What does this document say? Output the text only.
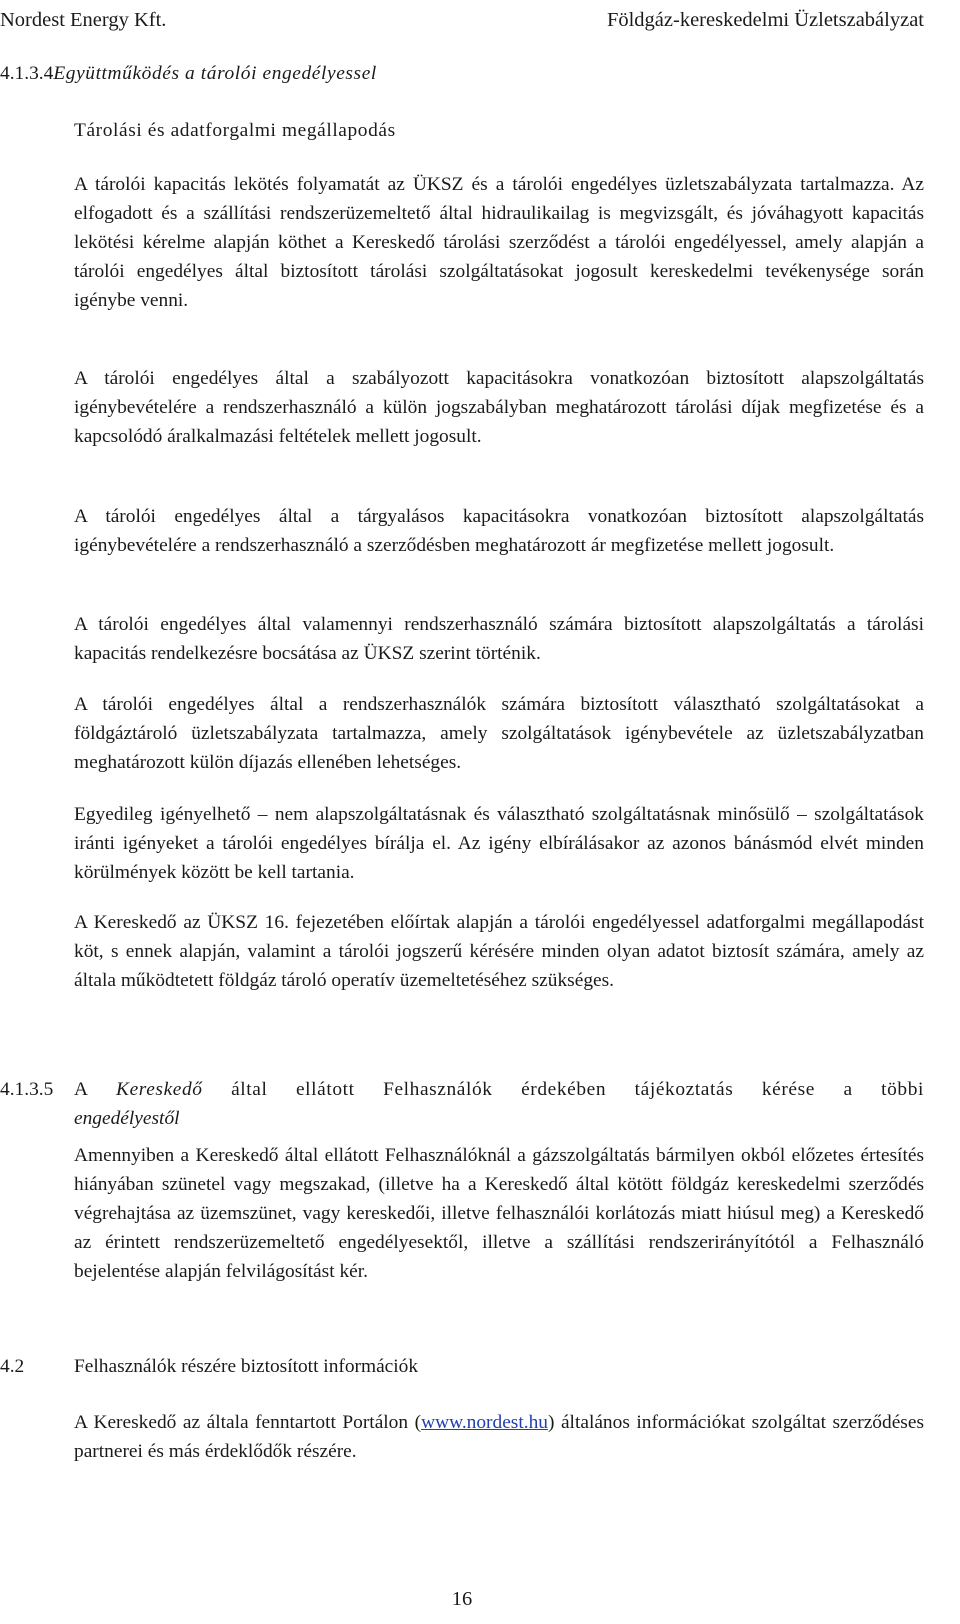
Nordest Energy Kft.	Földgáz-kereskedelmi Üzletszabályzat
4.1.3.4Együttműködés a tárolói engedélyessel
Tárolási és adatforgalmi megállapodás

A tárolói kapacitás lekötés folyamatát az ÜKSZ és a tárolói engedélyes üzletszabályzata tartalmazza. Az elfogadott és a szállítási rendszerüzemeltető által hidraulikailag is megvizsgált, és jóváhagyott kapacitás lekötési kérelme alapján köthet a Kereskedő tárolási szerződést a tárolói engedélyessel, amely alapján a tárolói engedélyes által biztosított tárolási szolgáltatásokat jogosult kereskedelmi tevékenysége során igénybe venni.

A tárolói engedélyes által a szabályozott kapacitásokra vonatkozóan biztosított alapszolgáltatás igénybevételére a rendszerhasználó a külön jogszabályban meghatározott tárolási díjak megfizetése és a kapcsolódó áralkalmazási feltételek mellett jogosult.

A tárolói engedélyes által a tárgyalásos kapacitásokra vonatkozóan biztosított alapszolgáltatás igénybevételére a rendszerhasználó a szerződésben meghatározott ár megfizetése mellett jogosult.

A tárolói engedélyes által valamennyi rendszerhasználó számára biztosított alapszolgáltatás a tárolási kapacitás rendelkezésre bocsátása az ÜKSZ szerint történik.

A tárolói engedélyes által a rendszerhasználók számára biztosított választható szolgáltatásokat a földgáztároló üzletszabályzata tartalmazza, amely szolgáltatások igénybevétele az üzletszabályzatban meghatározott külön díjazás ellenében lehetséges.

Egyedileg igényelhető – nem alapszolgáltatásnak és választható szolgáltatásnak minősülő – szolgáltatások iránti igényeket a tárolói engedélyes bírálja el. Az igény elbírálásakor az azonos bánásmód elvét minden körülmények között be kell tartania.

A Kereskedő az ÜKSZ 16. fejezetében előírtak alapján a tárolói engedélyessel adatforgalmi megállapodást köt, s ennek alapján, valamint a tárolói jogszerű kérésére minden olyan adatot biztosít számára, amely az általa működtetett földgáz tároló operatív üzemeltetéséhez szükséges.

4.1.3.5 A Kereskedő által ellátott Felhasználók érdekében tájékoztatás kérése a többi
engedélyestől

Amennyiben a Kereskedő által ellátott Felhasználóknál a gázszolgáltatás bármilyen okból előzetes értesítés hiányában szünetel vagy megszakad, (illetve ha a Kereskedő által kötött földgáz kereskedelmi szerződés végrehajtása az üzemszünet, vagy kereskedői, illetve felhasználói korlátozás miatt hiúsul meg) a Kereskedő az érintett rendszerüzemeltető engedélyesektől, illetve a szállítási rendszerirányítótól a Felhasználó bejelentése alapján felvilágosítást kér.

4.2	Felhasználók részére biztosított információk

A Kereskedő az általa fenntartott Portálon (www.nordest.hu) általános információkat szolgáltat szerződéses partnerei és más érdeklődők részére.

16
